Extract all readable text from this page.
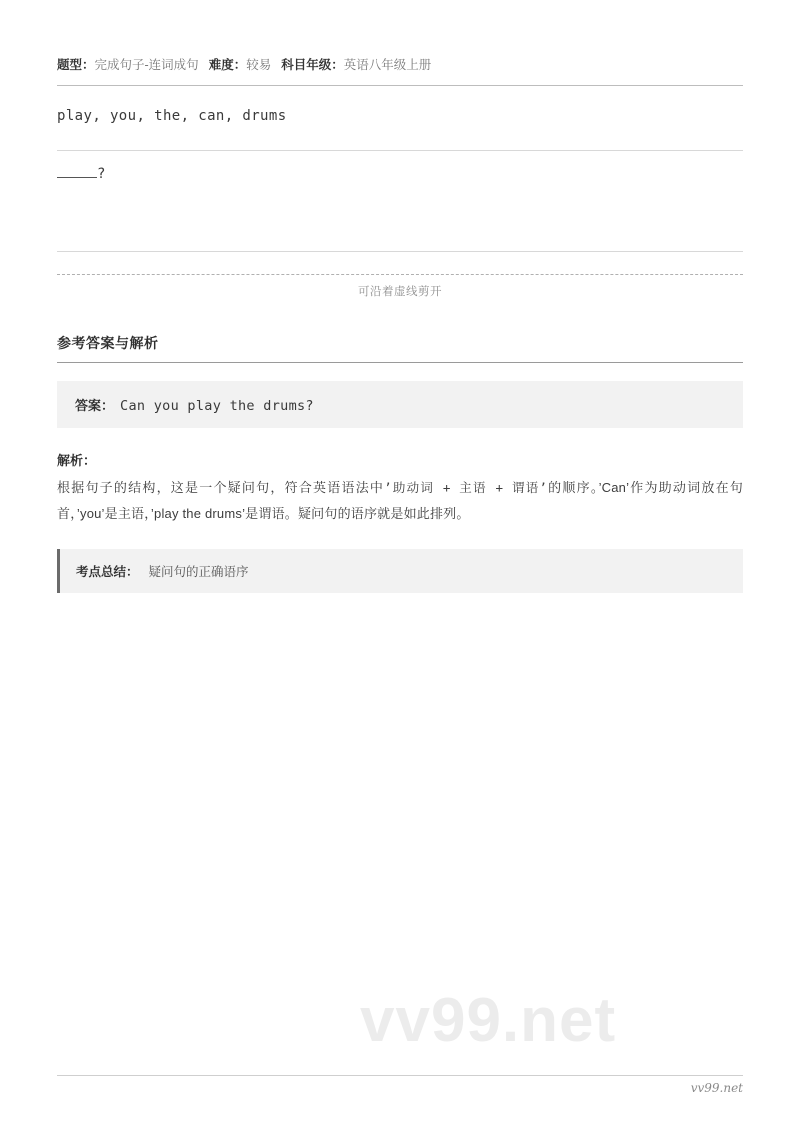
题型：完成句子-连词成句 难度：较易 科目年级：英语八年级上册
play, you, the, can, drums
?
可沿着虚线剪开
参考答案与解析
答案： Can you play the drums?
解析：
根据句子的结构，这是一个疑问句，符合英语语法中’助动词 + 主语 + 谓语’的顺序。’Can’作为助动词放在句首，’you’是主语，’play the drums’是谓语。疑问句的语序就是如此排列。
考点总结： 疑问句的正确语序
vv99.net
vv99.net
